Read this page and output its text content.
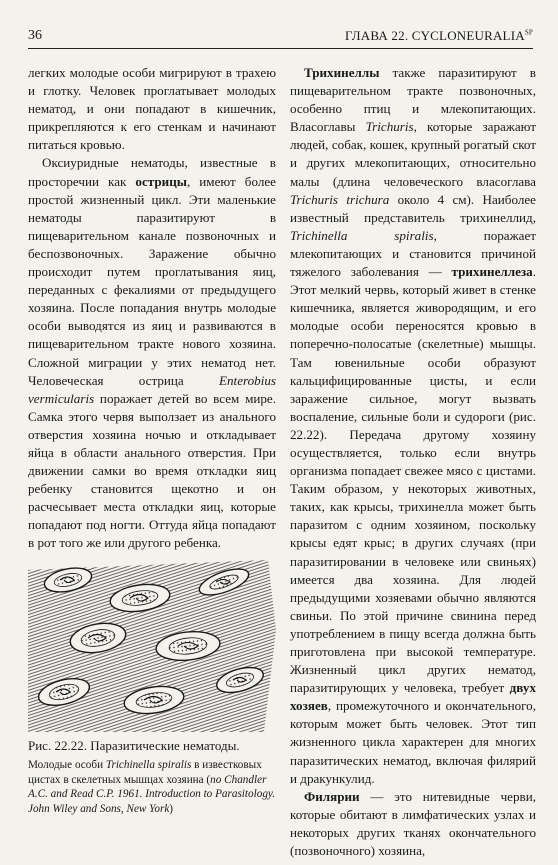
36	ГЛАВА 22. $CYCLONEURALIA^{SP}$

легких молодые особи мигрируют в трахею и глотку. Человек проглатывает молодых нематод, и они попадают в кишечник, прикрепляются к его стенкам и начинают питаться кровью.

Оксиуридные нематоды, известные в просторечии как острицы, имеют более простой жизненный цикл. Эти маленькие нематоды паразитируют в пищеварительном канале позвоночных и беспозвоночных. Заражение обычно происходит путем проглатывания яиц, переданных с фекалиями от предыдущего хозяина. После попадания внутрь молодые особи выводятся из яиц и развиваются в пищеварительном тракте нового хозяина. Сложной миграции у этих нематод нет. Человеческая острица Enterobius vermicularis поражает детей во всем мире. Самка этого червя выползает из анального отверстия хозяина ночью и откладывает яйца в области анального отверстия. При движении самки во время откладки яиц ребенку становится щекотно и он расчесывает места откладки яиц, которые попадают под ногти. Оттуда яйца попадают в рот того же или другого ребенка.

Рис. 22.22. Паразитические нематоды.
Молодые особи Trichinella spiralis в известковых цистах в скелетных мышцах хозяина (no Chandler A.C. and Read C.P. 1961. Introduction to Parasitology. John Wiley and Sons, New York)

Трихинеллы также паразитируют в пищеварительном тракте позвоночных, особенно птиц и млекопитающих. Власоглавы Trichuris, которые заражают людей, собак, кошек, крупный рогатый скот и других млекопитающих, относительно малы (длина человеческого власоглава Trichuris trichura около 4 см). Наиболее известный представитель трихинеллид, Trichinella spiralis, поражает млекопитающих и становится причиной тяжелого заболевания — трихинеллеза. Этот мелкий червь, который живет в стенке кишечника, является живородящим, и его молодые особи переносятся кровью в поперечно-полосатые (скелетные) мышцы. Там ювенильные особи образуют кальцифицированные цисты, и если заражение сильное, могут вызвать воспаление, сильные боли и судороги (рис. 22.22). Передача другому хозяину осуществляется, только если внутрь организма попадает свежее мясо с цистами. Таким образом, у некоторых животных, таких, как крысы, трихинелла может быть паразитом с одним хозяином, поскольку крысы едят крыс; в других случаях (при паразитировании в человеке или свиньях) имеется два хозяина. Для людей предыдущими хозяевами обычно являются свиньи. По этой причине свинина перед употреблением в пищу всегда должна быть приготовлена при высокой температуре. Жизненный цикл других нематод, паразитирующих у человека, требует двух хозяев, промежуточного и окончательного, которым может быть человек. Этот тип жизненного цикла характерен для многих паразитических нематод, включая филярий и дракункулид.

Филярии — это нитевидные черви, которые обитают в лимфатических узлах и некоторых других тканях окончательного (позвоночного) хозяина,
